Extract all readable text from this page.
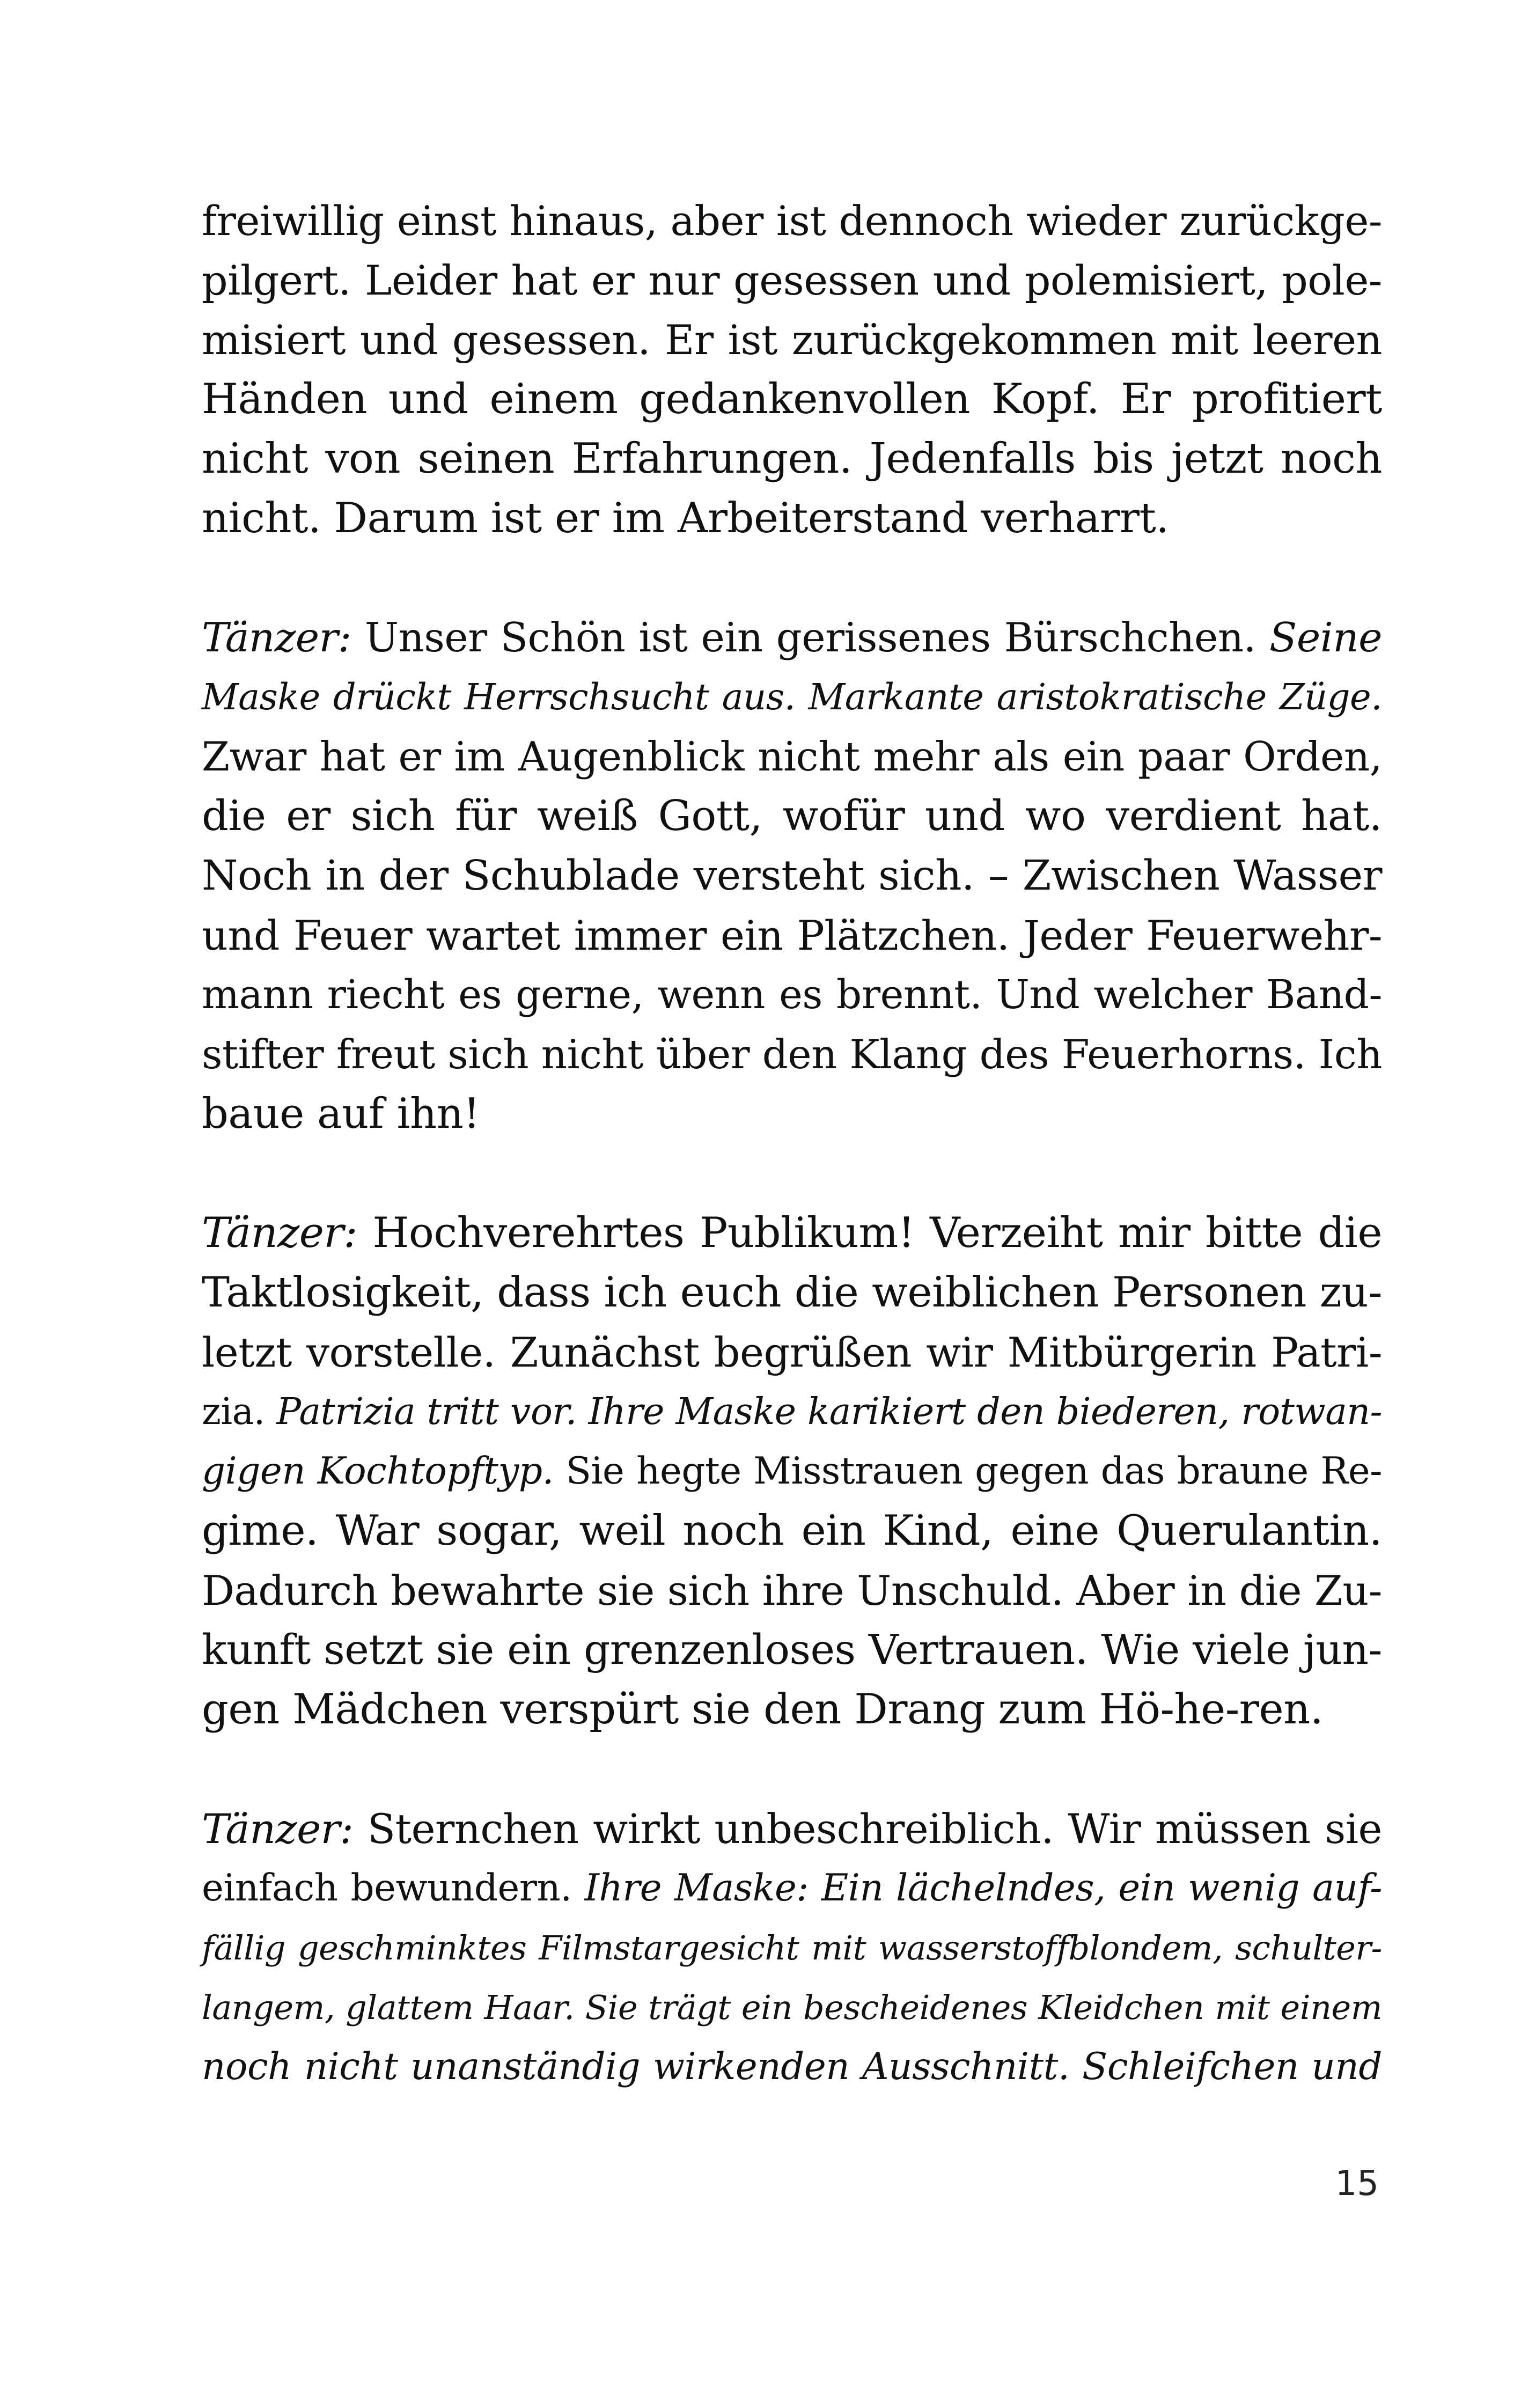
freiwillig einst hinaus, aber ist dennoch wieder zurückge-
pilgert. Leider hat er nur gesessen und polemisiert, pole-
misiert und gesessen. Er ist zurückgekommen mit leeren
Händen und einem gedankenvollen Kopf. Er profitiert
nicht von seinen Erfahrungen. Jedenfalls bis jetzt noch
nicht. Darum ist er im Arbeiterstand verharrt.
Tänzer: Unser Schön ist ein gerissenes Bürschchen. Seine
Maske drückt Herrschsucht aus. Markante aristokratische Züge.
Zwar hat er im Augenblick nicht mehr als ein paar Orden,
die er sich für weiß Gott, wofür und wo verdient hat.
Noch in der Schublade versteht sich. – Zwischen Wasser
und Feuer wartet immer ein Plätzchen. Jeder Feuerwehr-
mann riecht es gerne, wenn es brennt. Und welcher Band-
stifter freut sich nicht über den Klang des Feuerhorns. Ich
baue auf ihn!
Tänzer: Hochverehrtes Publikum! Verzeiht mir bitte die
Taktlosigkeit, dass ich euch die weiblichen Personen zu-
letzt vorstelle. Zunächst begrüßen wir Mitbürgerin Patri-
zia. Patrizia tritt vor. Ihre Maske karikiert den biederen, rotwan-
gigen Kochtopftyp. Sie hegte Misstrauen gegen das braune Re-
gime. War sogar, weil noch ein Kind, eine Querulantin.
Dadurch bewahrte sie sich ihre Unschuld. Aber in die Zu-
kunft setzt sie ein grenzenloses Vertrauen. Wie viele jun-
gen Mädchen verspürt sie den Drang zum Hö-he-ren.
Tänzer: Sternchen wirkt unbeschreiblich. Wir müssen sie
einfach bewundern. Ihre Maske: Ein lächelndes, ein wenig auf-
fällig geschminktes Filmstargesicht mit wasserstoffblondem, schulter-
langem, glattem Haar. Sie trägt ein bescheidenes Kleidchen mit einem
noch nicht unanständig wirkenden Ausschnitt. Schleifchen und
15
